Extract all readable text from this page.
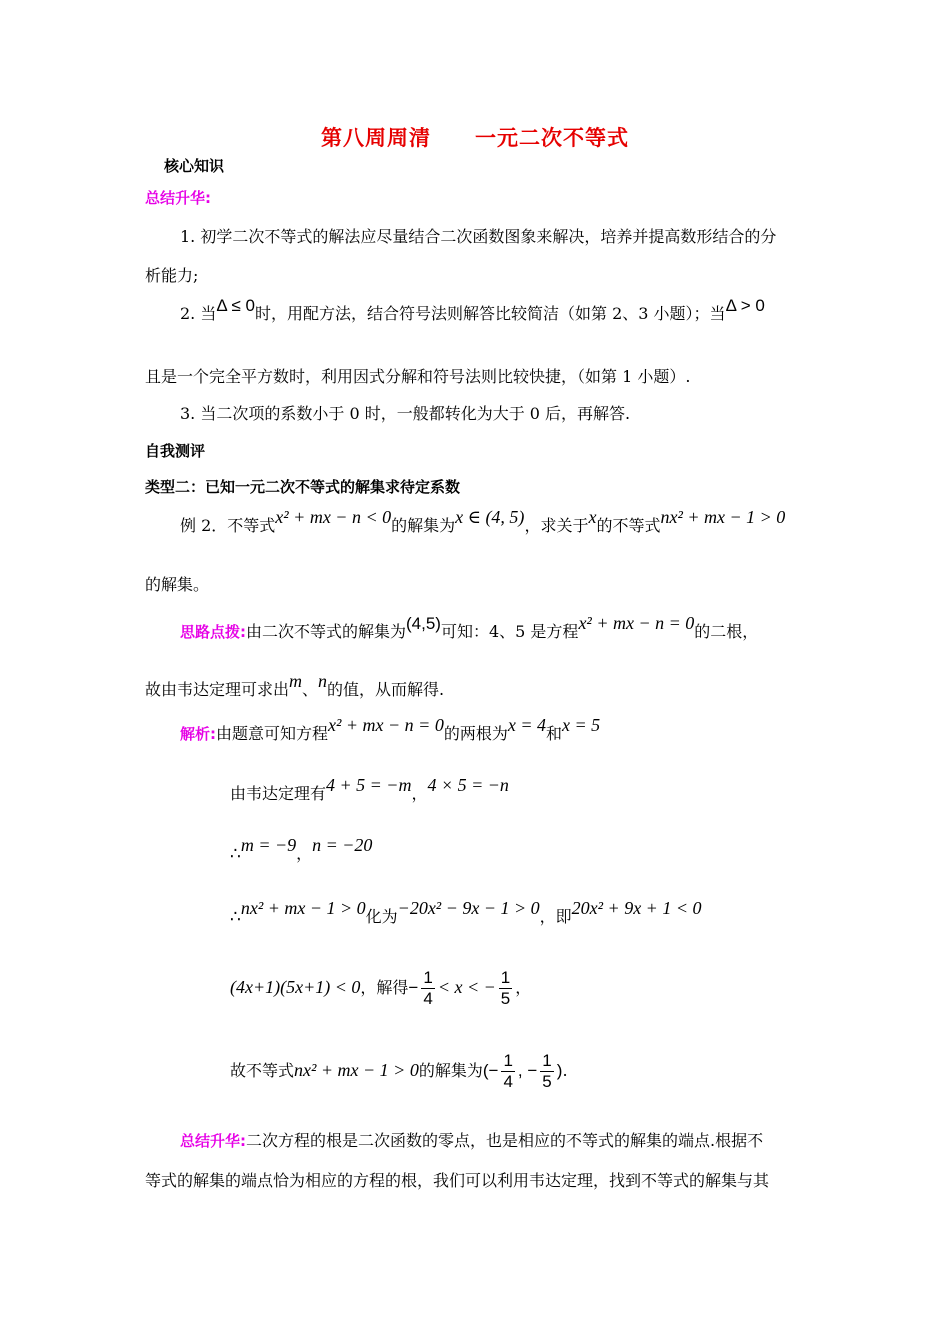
第八周周清 一元二次不等式
核心知识
总结升华:
1. 初学二次不等式的解法应尽量结合二次函数图象来解决，培养并提高数形结合的分
析能力;
2. 当Δ ≤ 0时，用配方法，结合符号法则解答比较简洁（如第 2、3 小题）；当Δ > 0
且是一个完全平方数时，利用因式分解和符号法则比较快捷，（如第 1 小题）.
3. 当二次项的系数小于 0 时，一般都转化为大于 0 后，再解答.
自我测评
类型二：已知一元二次不等式的解集求待定系数
例 2．不等式x² + mx − n < 0的解集为x ∈ (4, 5)，求关于x的不等式nx² + mx − 1 > 0
的解集。
思路点拨:由二次不等式的解集为(4,5)可知：4、5 是方程x² + mx − n = 0的二根，
故由韦达定理可求出m、n的值，从而解得.
解析:由题意可知方程x² + mx − n = 0的两根为x = 4和x = 5
由韦达定理有4 + 5 = −m，4 × 5 = −n
∴m = −9，n = −20
∴nx² + mx − 1 > 0化为−20x² − 9x − 1 > 0，即20x² + 9x + 1 < 0
(4x+1)(5x+1) < 0，解得− $\frac{1}{4} < x$ < − $\frac{1}{5}$ ，
故不等式nx² + mx − 1 > 0的解集为(− $\frac{1}{4}$ , − $\frac{1}{5}$ ).
总结升华:二次方程的根是二次函数的零点，也是相应的不等式的解集的端点.根据不
等式的解集的端点恰为相应的方程的根，我们可以利用韦达定理，找到不等式的解集与其
